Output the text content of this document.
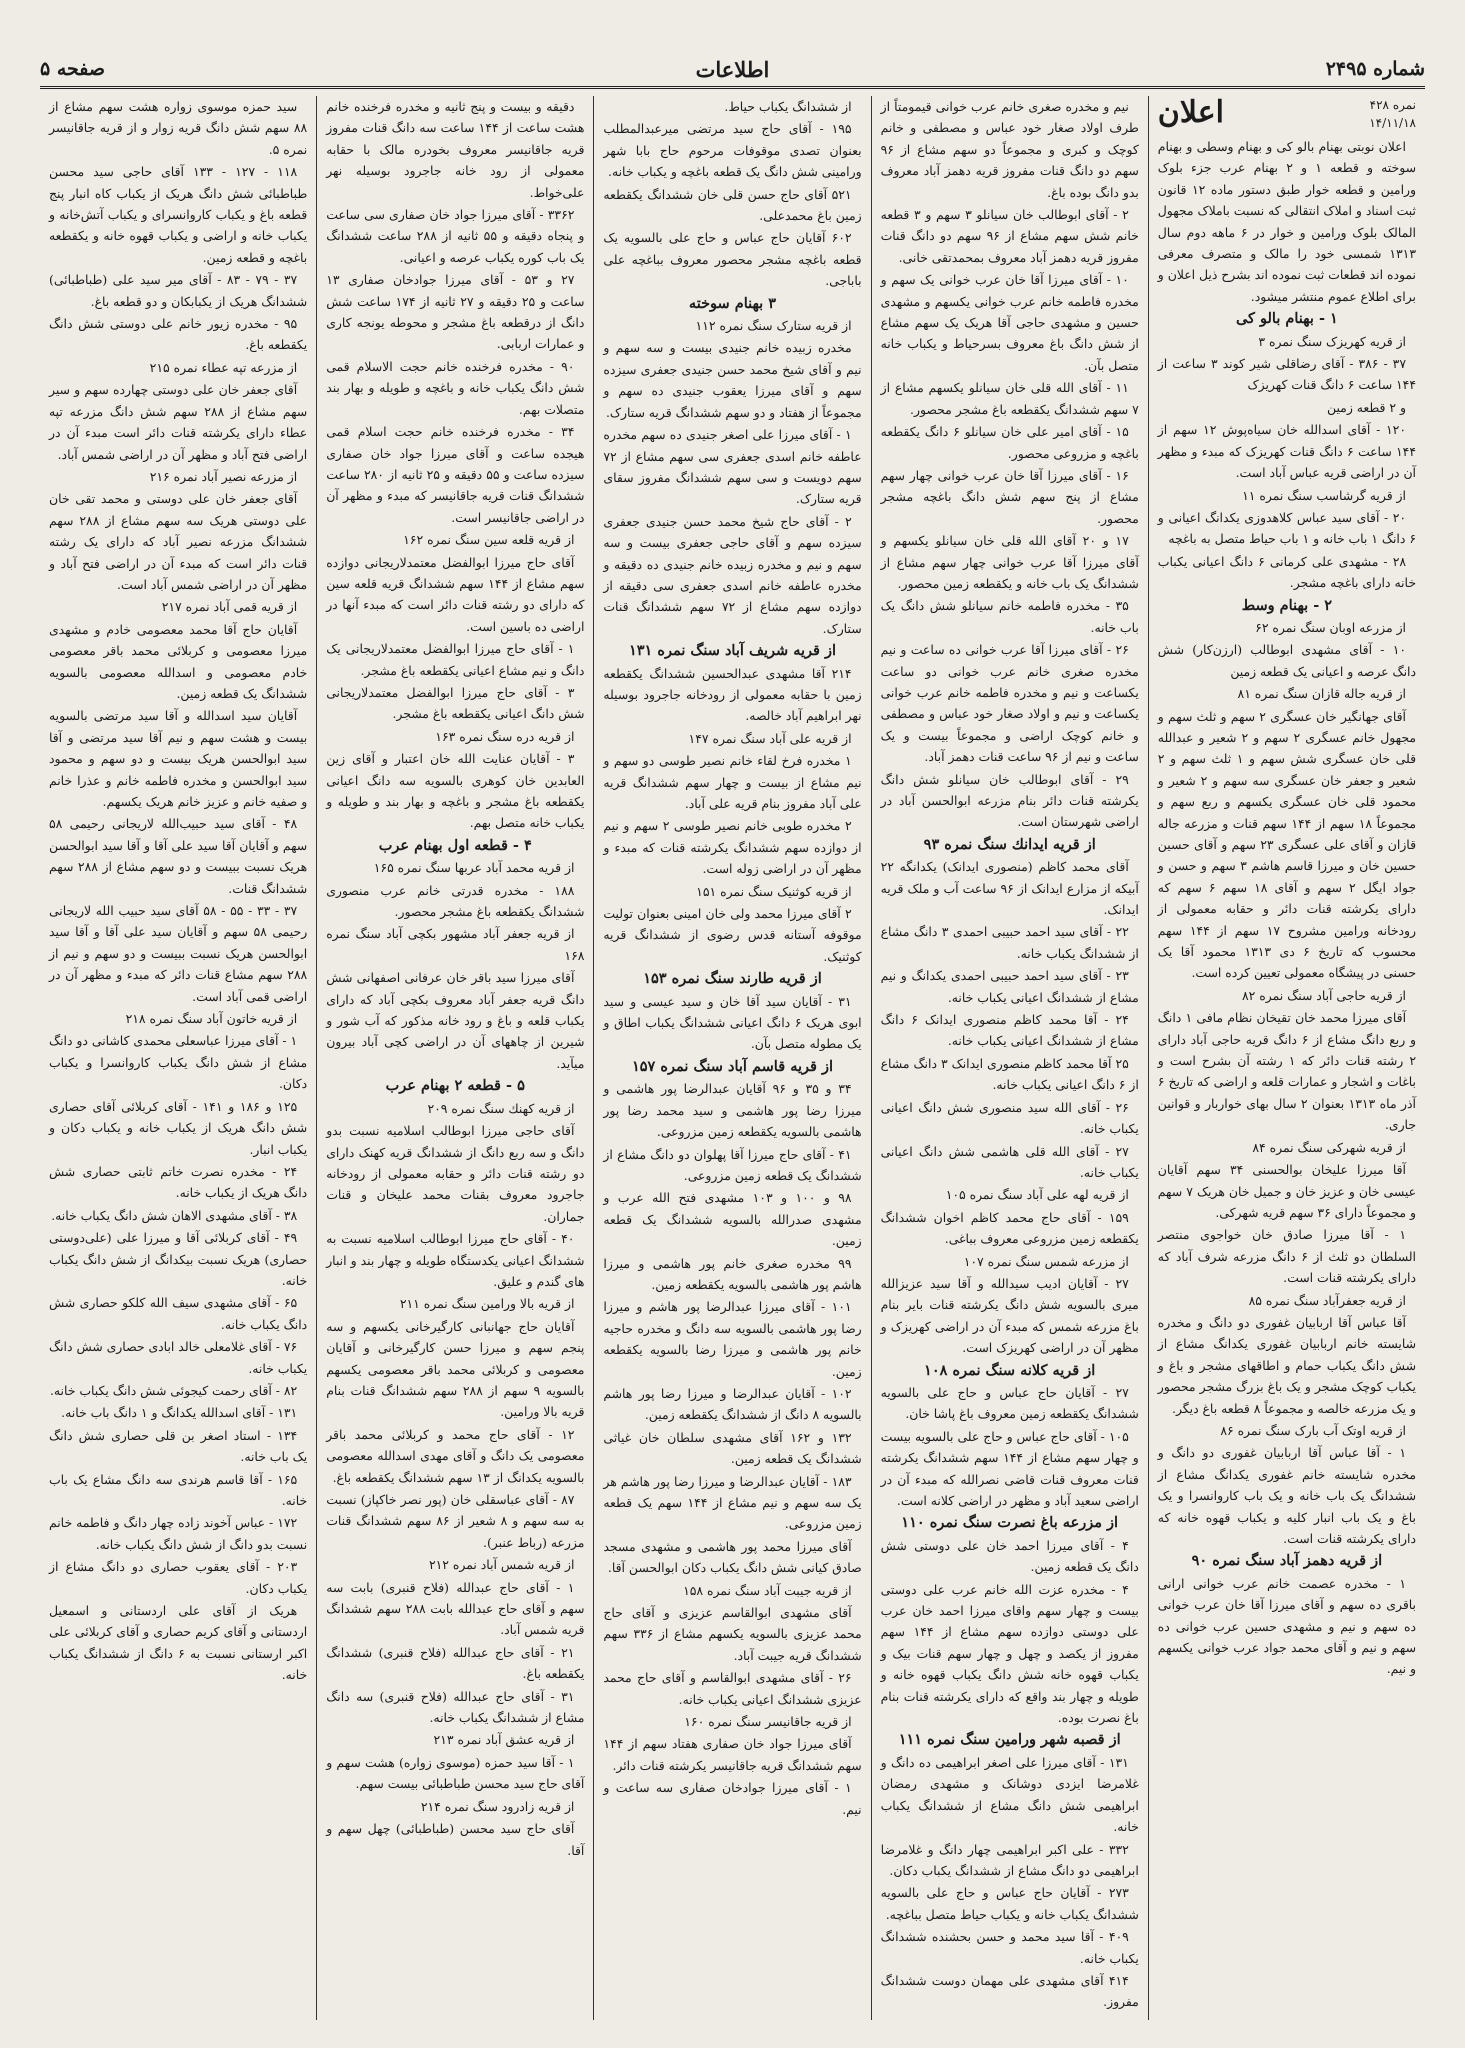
صفحه ۵	اطلاعات	شماره ۲۴۹۵
نمره ۴۲۸
۱۴/۱۱/۱۸
اعلان

اعلان نوبتی بهنام بالو کی و بهنام وسطی و بهنام سوخته و قطعه ۱ و ۲ بهنام عرب جزء بلوک ورامین و قطعه خوار طبق دستور ماده ۱۲ قانون ثبت اسناد و املاک انتقالی که نسبت باملاک مجهول المالک بلوک ورامین و خوار در ۶ ماهه دوم سال ۱۳۱۳ شمسی خود را مالک و متصرف معرفی نموده اند قطعات ثبت نموده اند بشرح ذیل اعلان و برای اطلاع عموم منتشر میشود.

۱ - بهنام بالو کی

از قریه کهریزک سنگ نمره ۳

۳۷ - ۳۸۶ - آقای رضاقلی شیر کوند ۳ ساعت از ۱۴۴ ساعت ۶ دانگ قنات کهریزک

و ۲ قطعه زمین

۱۲۰ - آقای اسدالله خان سیاه‌پوش ۱۲ سهم از ۱۴۴ ساعت ۶ دانگ قنات کهریزک که مبدء و مظهر آن در اراضی قریه عباس آباد است.

از قریه گرشاسب سنگ نمره ۱۱

۲۰ - آقای سید عباس کلاهدوزی یکدانگ اعیانی و ۶ دانگ ۱ باب خانه و ۱ باب حیاط متصل به باغچه

۲۸ - مشهدی علی کرمانی ۶ دانگ اعیانی یکباب خانه دارای باغچه مشجر.

۲ - بهنام وسط

از مزرعه اوبان سنگ نمره ۶۲

۱۰ - آقای مشهدی ابوطالب (ارزن‌کار) شش دانگ عرصه و اعیانی یک قطعه زمین

از قریه جاله قازان سنگ نمره ۸۱

آقای جهانگیر خان عسگری ۲ سهم و ثلث سهم و مجهول خانم عسگری ۲ سهم و ۲ شعیر و عبدالله قلی خان عسگری شش سهم و ۱ ثلث سهم و ۲ شعیر و جعفر خان عسگری سه سهم و ۲ شعیر و محمود قلی خان عسگری یکسهم و ربع سهم و مجموعاً ۱۸ سهم از ۱۴۴ سهم قنات و مزرعه جاله قازان و آقای علی عسگری ۲۳ سهم و آقای حسین حسین خان و میرزا قاسم هاشم ۳ سهم و حسن و جواد ایگل ۲ سهم و آقای ۱۸ سهم ۶ سهم که دارای یکرشته قنات دائر و حقابه معمولی از رودخانه ورامین مشروح ۱۷ سهم از ۱۴۴ سهم محسوب که تاریخ ۶ دی ۱۳۱۳ محمود آقا یک حسنی در پیشگاه معمولی تعیین کرده است.

از قریه حاجی آباد سنگ نمره ۸۲

آقای میرزا محمد خان تقیخان نظام مافی ۱ دانگ و ربع دانگ مشاع از ۶ دانگ قریه حاجی آباد دارای ۲ رشته قنات دائر که ۱ رشته آن بشرح است و باغات و اشجار و عمارات قلعه و اراضی که تاریخ ۶ آذر ماه ۱۳۱۳ بعنوان ۲ سال بهای خواربار و قوانین جاری.

از قریه شهرکی سنگ نمره ۸۴

آقا میرزا علیخان بوالحسنی ۳۴ سهم آقایان عیسی خان و عزیز خان و جمیل خان هریک ۷ سهم و مجموعاً دارای ۳۶ سهم قریه شهرکی.

۱ - آقا میرزا صادق خان خواجوی منتصر السلطان دو ثلث از ۶ دانگ مزرعه شرف آباد که دارای یکرشته قنات است.

از قریه جعفرآباد سنگ نمره ۸۵

آقا عباس آقا اربابیان غفوری دو دانگ و مخدره شایسته خانم اربابیان غفوری یکدانگ مشاع از شش دانگ یکباب حمام و اطاقهای مشجر و باغ و یکباب کوچک مشجر و یک باغ بزرگ مشجر محصور و یک مزرعه خالصه و مجموعاً ۸ قطعه باغ دیگر.

از قریه اوتک آب بارک سنگ نمره ۸۶

۱ - آقا عباس آقا اربابیان غفوری دو دانگ و مخدره شایسته خانم غفوری یکدانگ مشاع از ششدانگ یک باب خانه و یک باب کاروانسرا و یک باغ و یک باب انبار کلیه و یکباب قهوه خانه که دارای یکرشته قنات است.

از قریه دهمز آباد سنگ نمره ۹۰

۱ - مخدره عصمت خانم عرب خوانی ارانی باقری ده سهم و آقای میرزا آقا خان عرب خوانی ده سهم و نیم و مشهدی حسین عرب خوانی ده سهم و نیم و آقای محمد جواد عرب خوانی یکسهم و نیم.

نیم و مخدره صغری خانم عرب خوانی قیمومتاً از طرف اولاد صغار خود عباس و مصطفی و خانم کوچک و کبری و مجموعاً دو سهم مشاع از ۹۶ سهم دو دانگ قنات مفروز قریه دهمز آباد معروف بدو دانگ بوده باغ.

۲ - آقای ابوطالب خان سیانلو ۳ سهم و ۳ قطعه خانم شش سهم مشاع از ۹۶ سهم دو دانگ قنات مفروز قریه دهمز آباد معروف بمحمدتقی خانی.

۱۰ - آقای میرزا آقا خان عرب خوانی یک سهم و مخدره فاطمه خانم عرب خوانی یکسهم و مشهدی حسین و مشهدی حاجی آقا هریک یک سهم مشاع از شش دانگ باغ معروف بسرحیاط و یکباب خانه متصل بآن.

۱۱ - آقای الله قلی خان سیانلو یکسهم مشاع از ۷ سهم ششدانگ یکقطعه باغ مشجر محصور.

۱۵ - آقای امیر علی خان سیانلو ۶ دانگ یکقطعه باغچه و مزروعی محصور.

۱۶ - آقای میرزا آقا خان عرب خوانی چهار سهم مشاع از پنج سهم شش دانگ باغچه مشجر محصور.

۱۷ و ۲۰ آقای الله قلی خان سیانلو یکسهم و آقای میرزا آقا عرب خوانی چهار سهم مشاع از ششدانگ یک باب خانه و یکقطعه زمین محصور.

۳۵ - مخدره فاطمه خانم سیانلو شش دانگ یک باب خانه.

۲۶ - آقای میرزا آقا عرب خوانی ده ساعت و نیم مخدره صغری خانم عرب خوانی دو ساعت یکساعت و نیم و مخدره فاطمه خانم عرب خوانی یکساعت و نیم و اولاد صغار خود عباس و مصطفی و خانم کوچک اراضی و مجموعاً بیست و یک ساعت و نیم از ۹۶ ساعت قنات دهمز آباد.

۲۹ - آقای ابوطالب خان سیانلو شش دانگ یکرشته قنات دائر بنام مزرعه ابوالحسن آباد در اراضی شهرستان است.

از قریه ایدانك سنگ نمره ۹۳

آقای محمد کاظم (منصوری ایدانک) یکدانگه ۲۲ آبیکه از مزارع ایدانک از ۹۶ ساعت آب و ملک قریه ایدانک.

۲۲ - آقای سید احمد حبیبی احمدی ۳ دانگ مشاع از ششدانگ یکباب خانه.

۲۳ - آقای سید احمد حبیبی احمدی یکدانگ و نیم مشاع از ششدانگ اعیانی یکباب خانه.

۲۴ - آقا محمد کاظم منصوری ایدانک ۶ دانگ مشاع از ششدانگ اعیانی یکباب خانه.

۲۵ آقا محمد کاظم منصوری ایدانک ۳ دانگ مشاع از ۶ دانگ اعیانی یکباب خانه.

۲۶ - آقای الله سید منصوری شش دانگ اعیانی یکباب خانه.

۲۷ - آقای الله قلی هاشمی شش دانگ اعیانی یکباب خانه.

از قریه لهه علی آباد سنگ نمره ۱۰۵

۱۵۹ - آقای حاج محمد کاظم اخوان ششدانگ یکقطعه زمین مزروعی معروف بباغی.

از مزرعه شمس سنگ نمره ۱۰۷

۲۷ - آقایان ادیب سیدالله و آقا سید عزیزالله میری بالسویه شش دانگ یکرشته قنات بایر بنام باغ مزرعه شمس که مبدء آن در اراضی کهریزک و مظهر آن در اراضی کهریزک است.

از قریه کلانه سنگ نمره ۱۰۸

۲۷ - آقایان حاج عباس و حاج علی بالسویه ششدانگ یکقطعه زمین معروف باغ پاشا خان.

۱۰۵ - آقای حاج عباس و حاج علی بالسویه بیست و چهار سهم مشاع از ۱۴۴ سهم ششدانگ یکرشته قنات معروف قنات قاضی نصرالله که مبدء آن در اراضی سعید آباد و مظهر در اراضی کلانه است.

از مزرعه باغ نصرت سنگ نمره ۱۱۰

۴ - آقای میرزا احمد خان علی دوستی شش دانگ یک قطعه زمین.

۴ - مخدره عزت الله خانم عرب علی دوستی بیست و چهار سهم واقای میرزا احمد خان عرب علی دوستی دوازده سهم مشاع از ۱۴۴ سهم مفروز از یکصد و چهل و چهار سهم قنات بیک و یکباب قهوه خانه شش دانگ یکباب قهوه خانه و طویله و چهار بند واقع که دارای یکرشته قنات بنام باغ نصرت بوده.

از قصبه شهر ورامین سنگ نمره ۱۱۱

۱۳۱ - آقای میرزا علی اصغر ابراهیمی ده دانگ و غلامرضا ایزدی دوشانک و مشهدی رمضان ابراهیمی شش دانگ مشاع از ششدانگ یکباب خانه.

۳۳۲ - علی اکبر ابراهیمی چهار دانگ و غلامرضا ابراهیمی دو دانگ مشاع از ششدانگ یکباب دکان.

۲۷۳ - آقایان حاج عباس و حاج علی بالسویه ششدانگ یکباب خانه و یکباب حیاط متصل بباغچه.

۴۰۹ - آقا سید محمد و حسن بحشنده ششدانگ یکباب خانه.

۴۱۴ آقای مشهدی علی مهمان دوست ششدانگ مفروز.

از ششدانگ یکباب حیاط.

۱۹۵ - آقای حاج سید مرتضی میرعبدالمطلب بعنوان تصدی موقوفات مرحوم حاج بابا شهر ورامینی شش دانگ یک قطعه باغچه و یکباب خانه.

۵۲۱ آقای حاج حسن قلی خان ششدانگ یکقطعه زمین باغ محمدعلی.

۶۰۲ آقایان حاج عباس و حاج علی بالسویه یک قطعه باغچه مشجر محصور معروف بباغچه علی باباجی.

۳ بهنام سوخته

از قریه ستارک سنگ نمره ۱۱۲

مخدره زبیده خانم جنیدی بیست و سه سهم و نیم و آقای شیخ محمد حسن جنیدی جعفری سیزده سهم و آقای میرزا یعقوب جنیدی ده سهم و مجموعاً از هفتاد و دو سهم ششدانگ قریه ستارک.

۱ - آقای میرزا علی اصغر جنیدی ده سهم مخدره عاطفه خانم اسدی جعفری سی سهم مشاع از ۷۲ سهم دویست و سی سهم ششدانگ مفروز سقای قریه ستارک.

۲ - آقای حاج شیخ محمد حسن جنیدی جعفری سیزده سهم و آقای حاجی جعفری بیست و سه سهم و نیم و مخدره زبیده خانم جنیدی ده دقیقه و مخدره عاطفه خانم اسدی جعفری سی دقیقه از دوازده سهم مشاع از ۷۲ سهم ششدانگ قنات ستارک.

از قریه شریف آباد سنگ نمره ۱۳۱

۲۱۴ آقا مشهدی عبدالحسین ششدانگ یکقطعه زمین با حقابه معمولی از رودخانه جاجرود بوسیله نهر ابراهیم آباد خالصه.

از قریه علی آباد سنگ نمره ۱۴۷

۱ مخدره فرخ لقاء خانم نصیر طوسی دو سهم و نیم مشاع از بیست و چهار سهم ششدانگ قریه علی آباد مفروز بنام قریه علی آباد.

۲ مخدره طوبی خانم نصیر طوسی ۲ سهم و نیم از دوازده سهم ششدانگ یکرشته قنات که مبدء و مظهر آن در اراضی زوله است.

از قریه کوثنیک سنگ نمره ۱۵۱

۲ آقای میرزا محمد ولی خان امینی بعنوان تولیت موقوفه آستانه قدس رضوی از ششدانگ قریه کوثنیک.

از قریه طارند سنگ نمره ۱۵۳

۳۱ - آقایان سید آقا خان و سید عیسی و سید ابوی هریک ۶ دانگ اعیانی ششدانگ یکباب اطاق و یک مطوله متصل بآن.

از قریه قاسم آباد سنگ نمره ۱۵۷

۳۴ و ۳۵ و ۹۶ آقایان عبدالرضا پور هاشمی و میرزا رضا پور هاشمی و سید محمد رضا پور هاشمی بالسویه یکقطعه زمین مزروعی.

۴۱ - آقای حاج میرزا آقا پهلوان دو دانگ مشاع از ششدانگ یک قطعه زمین مزروعی.

۹۸ و ۱۰۰ و ۱۰۳ مشهدی فتح الله عرب و مشهدی صدرالله بالسویه ششدانگ یک قطعه زمین.

۹۹ مخدره صغری خانم پور هاشمی و میرزا هاشم پور هاشمی بالسویه یکقطعه زمین.

۱۰۱ - آقای میرزا عبدالرضا پور هاشم و میرزا رضا پور هاشمی بالسویه سه دانگ و مخدره حاجیه خانم پور هاشمی و میرزا رضا بالسویه یکقطعه زمین.

۱۰۲ - آقایان عبدالرضا و میرزا رضا پور هاشم بالسویه ۸ دانگ از ششدانگ یکقطعه زمین.

۱۳۲ و ۱۶۲ آقای مشهدی سلطان خان غیاثی ششدانگ یک قطعه زمین.

۱۸۳ - آقایان عبدالرضا و میرزا رضا پور هاشم هر یک سه سهم و نیم مشاع از ۱۴۴ سهم یک قطعه زمین مزروعی.

آقای میرزا محمد پور هاشمی و مشهدی مسجد صادق کیانی شش دانگ یکباب دکان ابوالحسن آقا.

از قریه جیبت آباد سنگ نمره ۱۵۸

آقای مشهدی ابوالقاسم عزیزی و آقای حاج محمد عزیزی بالسویه یکسهم مشاع از ۳۳۶ سهم ششدانگ قریه جیبت آباد.

۲۶ - آقای مشهدی ابوالقاسم و آقای حاج محمد عزیزی ششدانگ اعیانی یکباب خانه.

از قریه جاقانیسر سنگ نمره ۱۶۰

آقای میرزا جواد خان صفاری هفتاد سهم از ۱۴۴ سهم ششدانگ قریه جاقانیسر یکرشته قنات دائر.

۱ - آقای میرزا جوادخان صفاری سه ساعت و نیم.

دقیقه و بیست و پنج ثانیه و مخدره فرخنده خانم هشت ساعت از ۱۴۴ ساعت سه دانگ قنات مفروز قریه جاقانیسر معروف بخودره مالک با حقابه معمولی از رود خانه جاجرود بوسیله نهر علی‌خواط.

۳۳۶۲ - آقای میرزا جواد خان صفاری سی ساعت و پنجاه دقیقه و ۵۵ ثانیه از ۲۸۸ ساعت ششدانگ یک باب کوره یکباب عرصه و اعیانی.

۲۷ و ۵۳ - آقای میرزا جوادخان صفاری ۱۳ ساعت و ۲۵ دقیقه و ۲۷ ثانیه از ۱۷۴ ساعت شش دانگ از درقطعه باغ مشجر و محوطه یونجه کاری و عمارات اربابی.

۹۰ - مخدره فرخنده خانم حجت الاسلام قمی شش دانگ یکباب خانه و باغچه و طویله و بهار بند متصلات بهم.

۳۴ - مخدره فرخنده خانم حجت اسلام قمی هیجده ساعت و آقای میرزا جواد خان صفاری سیزده ساعت و ۵۵ دقیقه و ۲۵ ثانیه از ۲۸۰ ساعت ششدانگ قنات قریه جاقانیسر که مبدء و مظهر آن در اراضی جاقانیسر است.

از قریه قلعه سین سنگ نمره ۱۶۲

آقای حاج میرزا ابوالفضل معتمدلاریجانی دوازده سهم مشاع از ۱۴۴ سهم ششدانگ قریه قلعه سین که دارای دو رشته قنات دائر است که مبدء آنها در اراضی ده باسین است.

۱ - آقای حاج میرزا ابوالفضل معتمدلاریجانی یک دانگ و نیم مشاع اعیانی یکقطعه باغ مشجر.

۳ - آقای حاج میرزا ابوالفضل معتمدلاریجانی شش دانگ اعیانی یکقطعه باغ مشجر.

از قریه دره سنگ نمره ۱۶۳

۳ - آقایان عنایت الله خان اعتبار و آقای زین العابدین خان کوهری بالسویه سه دانگ اعیانی یکقطعه باغ مشجر و باغچه و بهار بند و طویله و یکباب خانه متصل بهم.

۴ - قطعه اول بهنام عرب

از قریه محمد آباد عربها سنگ نمره ۱۶۵

۱۸۸ - مخدره قدرتی خانم عرب منصوری ششدانگ یکقطعه باغ مشجر محصور.

از قریه جعفر آباد مشهور بکچی آباد سنگ نمره ۱۶۸

آقای میرزا سید باقر خان عرفانی اصفهانی شش دانگ قریه جعفر آباد معروف بکچی آباد که دارای یکباب قلعه و باغ و رود خانه مذکور که آب شور و شیرین از چاههای آن در اراضی کچی آباد بیرون میآید.

۵ - قطعه ۲ بهنام عرب

از قریه کهنك سنگ نمره ۲۰۹

آقای حاجی میرزا ابوطالب اسلامیه نسبت بدو دانگ و سه ربع دانگ از ششدانگ قریه کهنک دارای دو رشته قنات دائر و حقابه معمولی از رودخانه جاجرود معروف بقنات محمد علیخان و قنات جماران.

۴۰ - آقای حاج میرزا ابوطالب اسلامیه نسبت به ششدانگ اعیانی یکدستگاه طویله و چهار بند و انبار های گندم و علیق.

از قریه بالا ورامین سنگ نمره ۲۱۱

آقایان حاج جهانبانی کارگیرخانی یکسهم و سه پنجم سهم و میرزا حسن کارگیرخانی و آقایان معصومی و کربلائی محمد باقر معصومی یکسهم بالسویه ۹ سهم از ۲۸۸ سهم ششدانگ قنات بنام قریه بالا ورامین.

۱۲ - آقای حاج محمد و کربلائی محمد باقر معصومی یک دانگ و آقای مهدی اسدالله معصومی بالسویه یکدانگ از ۱۳ سهم ششدانگ یکقطعه باغ.

۸۷ - آقای عباسقلی خان (پور نصر خاکپاز) نسبت به سه سهم و ۸ شعیر از ۸۶ سهم ششدانگ قنات مزرعه (رباط عنبر).

از قریه شمس آباد نمره ۲۱۲

۱ - آقای حاج عبدالله (فلاح قنبری) بابت سه سهم و آقای حاج عبدالله بابت ۲۸۸ سهم ششدانگ قریه شمس آباد.

۲۱ - آقای حاج عبدالله (فلاح قنبری) ششدانگ یکقطعه باغ.

۳۱ - آقای حاج عبدالله (فلاح قنبری) سه دانگ مشاع از ششدانگ یکباب خانه.

از قریه عشق آباد نمره ۲۱۳

۱ - آقا سید حمزه (موسوی زواره) هشت سهم و آقای حاج سید محسن طباطبائی بیست سهم.

از قریه زادرود سنگ نمره ۲۱۴

آقای حاج سید محسن (طباطبائی) چهل سهم و آقا.

سید حمزه موسوی زواره هشت سهم مشاع از ۸۸ سهم شش دانگ قریه زوار و از قریه جاقانیسر نمره ۵.

۱۱۸ - ۱۲۷ - ۱۳۳ آقای حاجی سید محسن طباطبائی شش دانگ هریک از یکباب کاه انبار پنج قطعه باغ و یکباب کاروانسرای و یکباب آتش‌خانه و یکباب خانه و اراضی و یکباب قهوه خانه و یکقطعه باغچه و قطعه زمین.

۳۷ - ۷۹ - ۸۳ - آقای میر سید علی (طباطبائی) ششدانگ هریک از یکبابکان و دو قطعه باغ.

۹۵ - مخدره زیور خانم علی دوستی شش دانگ یکقطعه باغ.

از مزرعه تپه عطاء نمره ۲۱۵

آقای جعفر خان علی دوستی چهارده سهم و سیر سهم مشاع از ۲۸۸ سهم شش دانگ مزرعه تپه عطاء دارای یکرشته قنات دائر است مبدء آن در اراضی فتح آباد و مظهر آن در اراضی شمس آباد.

از مزرعه نصیر آباد نمره ۲۱۶

آقای جعفر خان علی دوستی و محمد تقی خان علی دوستی هریک سه سهم مشاع از ۲۸۸ سهم ششدانگ مزرعه نصیر آباد که دارای یک رشته قنات دائر است که مبدء آن در اراضی فتح آباد و مظهر آن در اراضی شمس آباد است.

از قریه قمی آباد نمره ۲۱۷

آقایان حاج آقا محمد معصومی خادم و مشهدی میرزا معصومی و کربلائی محمد باقر معصومی خادم معصومی و اسدالله معصومی بالسویه ششدانگ یک قطعه زمین.

آقایان سید اسدالله و آقا سید مرتضی بالسویه بیست و هشت سهم و نیم آقا سید مرتضی و آقا سید ابوالحسن هریک بیست و دو سهم و محمود سید ابوالحسن و مخدره فاطمه خانم و عذرا خانم و صفیه خانم و عزیز خانم هریک یکسهم.

۴۸ - آقای سید حبیب‌الله لاریجانی رحیمی ۵۸ سهم و آقایان آقا سید علی آقا و آقا سید ابوالحسن هریک نسبت ببیست و دو سهم مشاع از ۲۸۸ سهم ششدانگ قنات.

۳۷ - ۳۳ - ۵۵ - ۵۸ آقای سید حبیب الله لاریجانی رحیمی ۵۸ سهم و آقایان سید علی آقا و آقا سید ابوالحسن هریک نسبت ببیست و دو سهم و نیم از ۲۸۸ سهم مشاع قنات دائر که مبدء و مظهر آن در اراضی قمی آباد است.

از قریه خاتون آباد سنگ نمره ۲۱۸

۱ - آقای میرزا عباسعلی محمدی کاشانی دو دانگ مشاع از شش دانگ یکباب کاروانسرا و یکباب دکان.

۱۲۵ و ۱۸۶ و ۱۴۱ - آقای کربلائی آقای حصاری شش دانگ هریک از یکباب خانه و یکباب دکان و یکباب انبار.

۲۴ - مخدره نصرت خاتم ثابتی حصاری شش دانگ هریک از یکباب خانه.

۳۸ - آقای مشهدی الاهان شش دانگ یکباب خانه.

۴۹ - آقای کربلائی آقا و میرزا علی (علی‌دوستی حصاری) هریک نسبت بیکدانگ از شش دانگ یکباب خانه.

۶۵ - آقای مشهدی سیف الله کلکو حصاری شش دانگ یکباب خانه.

۷۶ - آقای غلامعلی خالد ابادی حصاری شش دانگ یکباب خانه.

۸۲ - آقای رحمت کیجوئی شش دانگ یکباب خانه.

۱۳۱ - آقای اسدالله یکدانگ و ۱ دانگ باب خانه.

۱۳۴ - استاد اصغر بن قلی حصاری شش دانگ یک باب خانه.

۱۶۵ - آقا قاسم هرندی سه دانگ مشاع یک باب خانه.

۱۷۲ - عباس آخوند زاده چهار دانگ و فاطمه خانم نسبت بدو دانگ از شش دانگ یکباب خانه.

۲۰۳ - آقای یعقوب حصاری دو دانگ مشاع از یکباب دکان.

هریک از آقای علی اردستانی و اسمعیل اردستانی و آقای کریم حصاری و آقای کربلائی علی اکبر ارستانی نسبت به ۶ دانگ از ششدانگ یکباب خانه.
